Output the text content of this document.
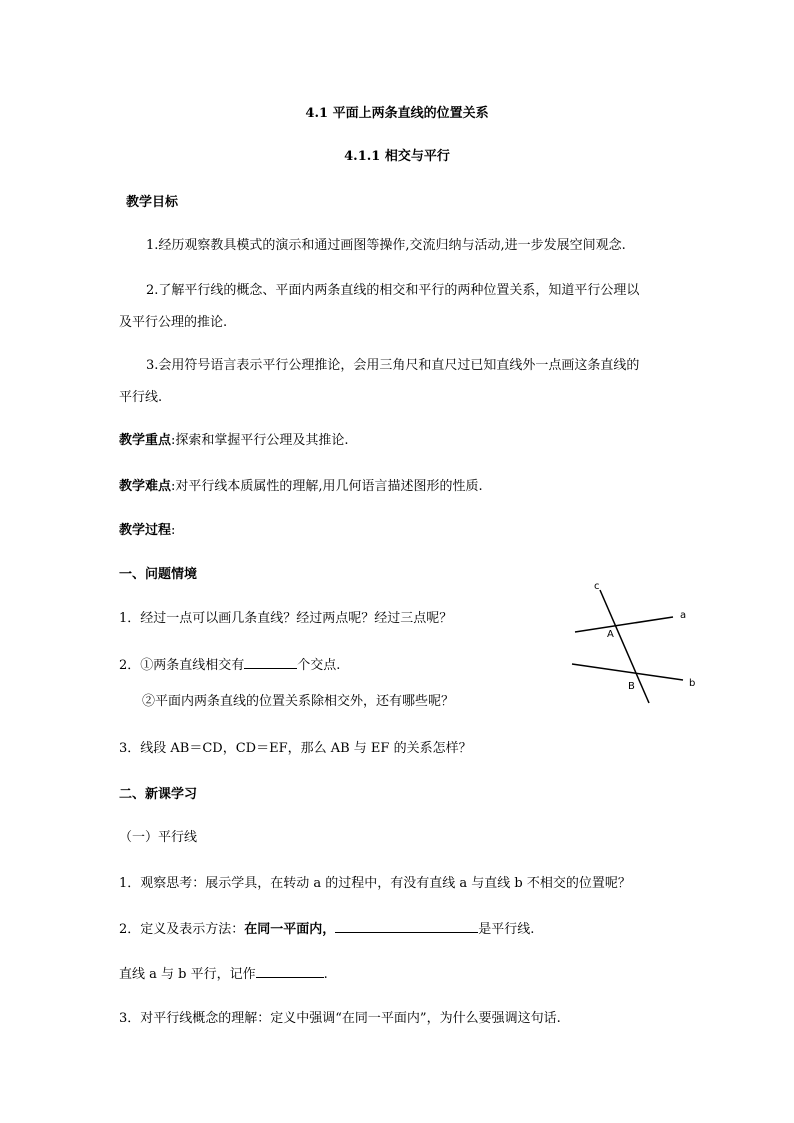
4.1 平面上两条直线的位置关系
4.1.1 相交与平行
教学目标
1.经历观察教具模式的演示和通过画图等操作,交流归纳与活动,进一步发展空间观念.
2.了解平行线的概念、平面内两条直线的相交和平行的两种位置关系，知道平行公理以
及平行公理的推论.
3.会用符号语言表示平行公理推论，会用三角尺和直尺过已知直线外一点画这条直线的
平行线.
教学重点:探索和掌握平行公理及其推论.
教学难点:对平行线本质属性的理解,用几何语言描述图形的性质.
教学过程:
一、问题情境
1．经过一点可以画几条直线？经过两点呢？经过三点呢？
2．①两条直线相交有	个交点.
②平面内两条直线的位置关系除相交外，还有哪些呢？
3．线段 AB＝CD，CD＝EF，那么 AB 与 EF 的关系怎样？
二、新课学习
（一）平行线
1．观察思考：展示学具，在转动 a 的过程中，有没有直线 a 与直线 b 不相交的位置呢？
2．定义及表示方法：在同一平面内，	是平行线.
直线 a 与 b 平行，记作	.
3．对平行线概念的理解：定义中强调“在同一平面内”，为什么要强调这句话.
c
a
b
A
B
